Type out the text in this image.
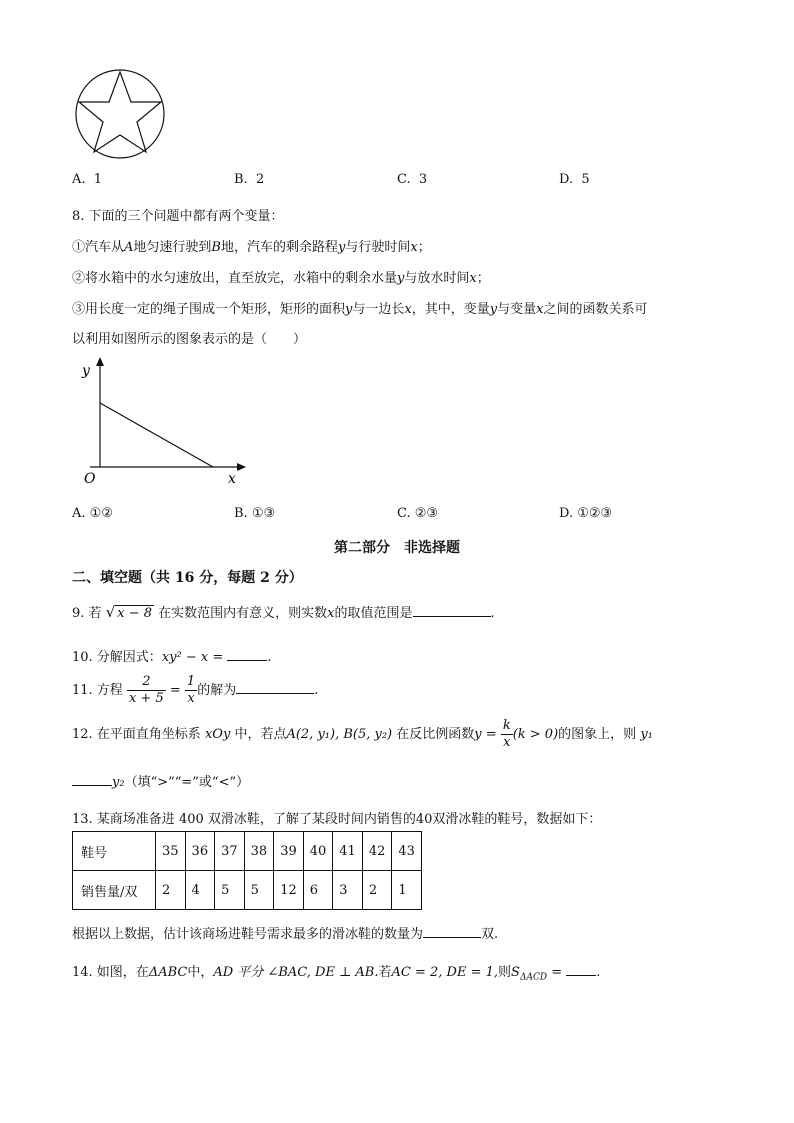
A. 1	B. 2	C. 3	D. 5
8. 下面的三个问题中都有两个变量：
①汽车从A地匀速行驶到B地，汽车的剩余路程y与行驶时间x；
②将水箱中的水匀速放出，直至放完，水箱中的剩余水量y与放水时间x；
③用长度一定的绳子围成一个矩形，矩形的面积y与一边长x，其中，变量y与变量x之间的函数关系可
以利用如图所示的图象表示的是（　　）
y
x
O
A. ①②	B. ①③	C. ②③	D. ①②③
第二部分　非选择题
二、填空题（共 16 分，每题 2 分）
9. 若 √ x − 8 在实数范围内有意义，则实数x的取值范围是	.
10. 分解因式：xy² − x =	.
11. 方程 $\frac{2}{x + 5} = \frac{1}{x}$ 的解为	.
12. 在平面直角坐标系 xOy 中，若点A(2, y₁), B(5, y₂) 在反比例函数$y = \frac{k}{x} (k > 0)$的图象上，则 y₁
y₂（填“>”“=”或“<”）
13. 某商场准备进 400 双滑冰鞋，了解了某段时间内销售的40双滑冰鞋的鞋号，数据如下：
鞋号	35	36	37	38	39	40	41	42	43
销售量/双	2	4	5	5	12	6	3	2	1
根据以上数据，估计该商场进鞋号需求最多的滑冰鞋的数量为	双.
14. 如图，在ΔABC中，AD 平分 ∠BAC, DE ⊥ AB.若AC = 2, DE = 1,则$S_{\Delta ACD}$ =	.
